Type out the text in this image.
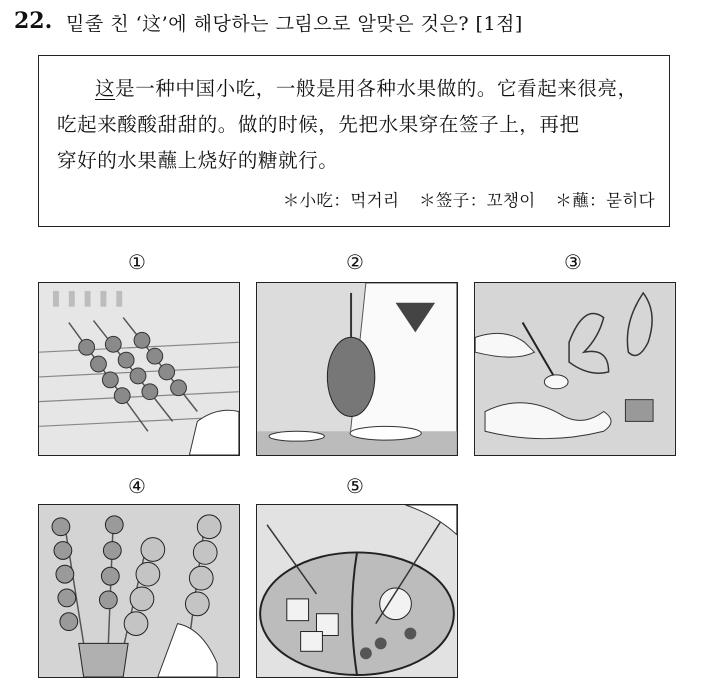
22. 밑줄 친 ‘这’에 해당하는 그림으로 알맞은 것은? [1점]
这是一种中国小吃，一般是用各种水果做的。它看起来很亮，
吃起来酸酸甜甜的。做的时候，先把水果穿在签子上，再把
穿好的水果蘸上烧好的糖就行。
＊小吃：먹거리 ＊签子：꼬챙이 ＊蘸：묻히다
①	②	③
④	⑤
